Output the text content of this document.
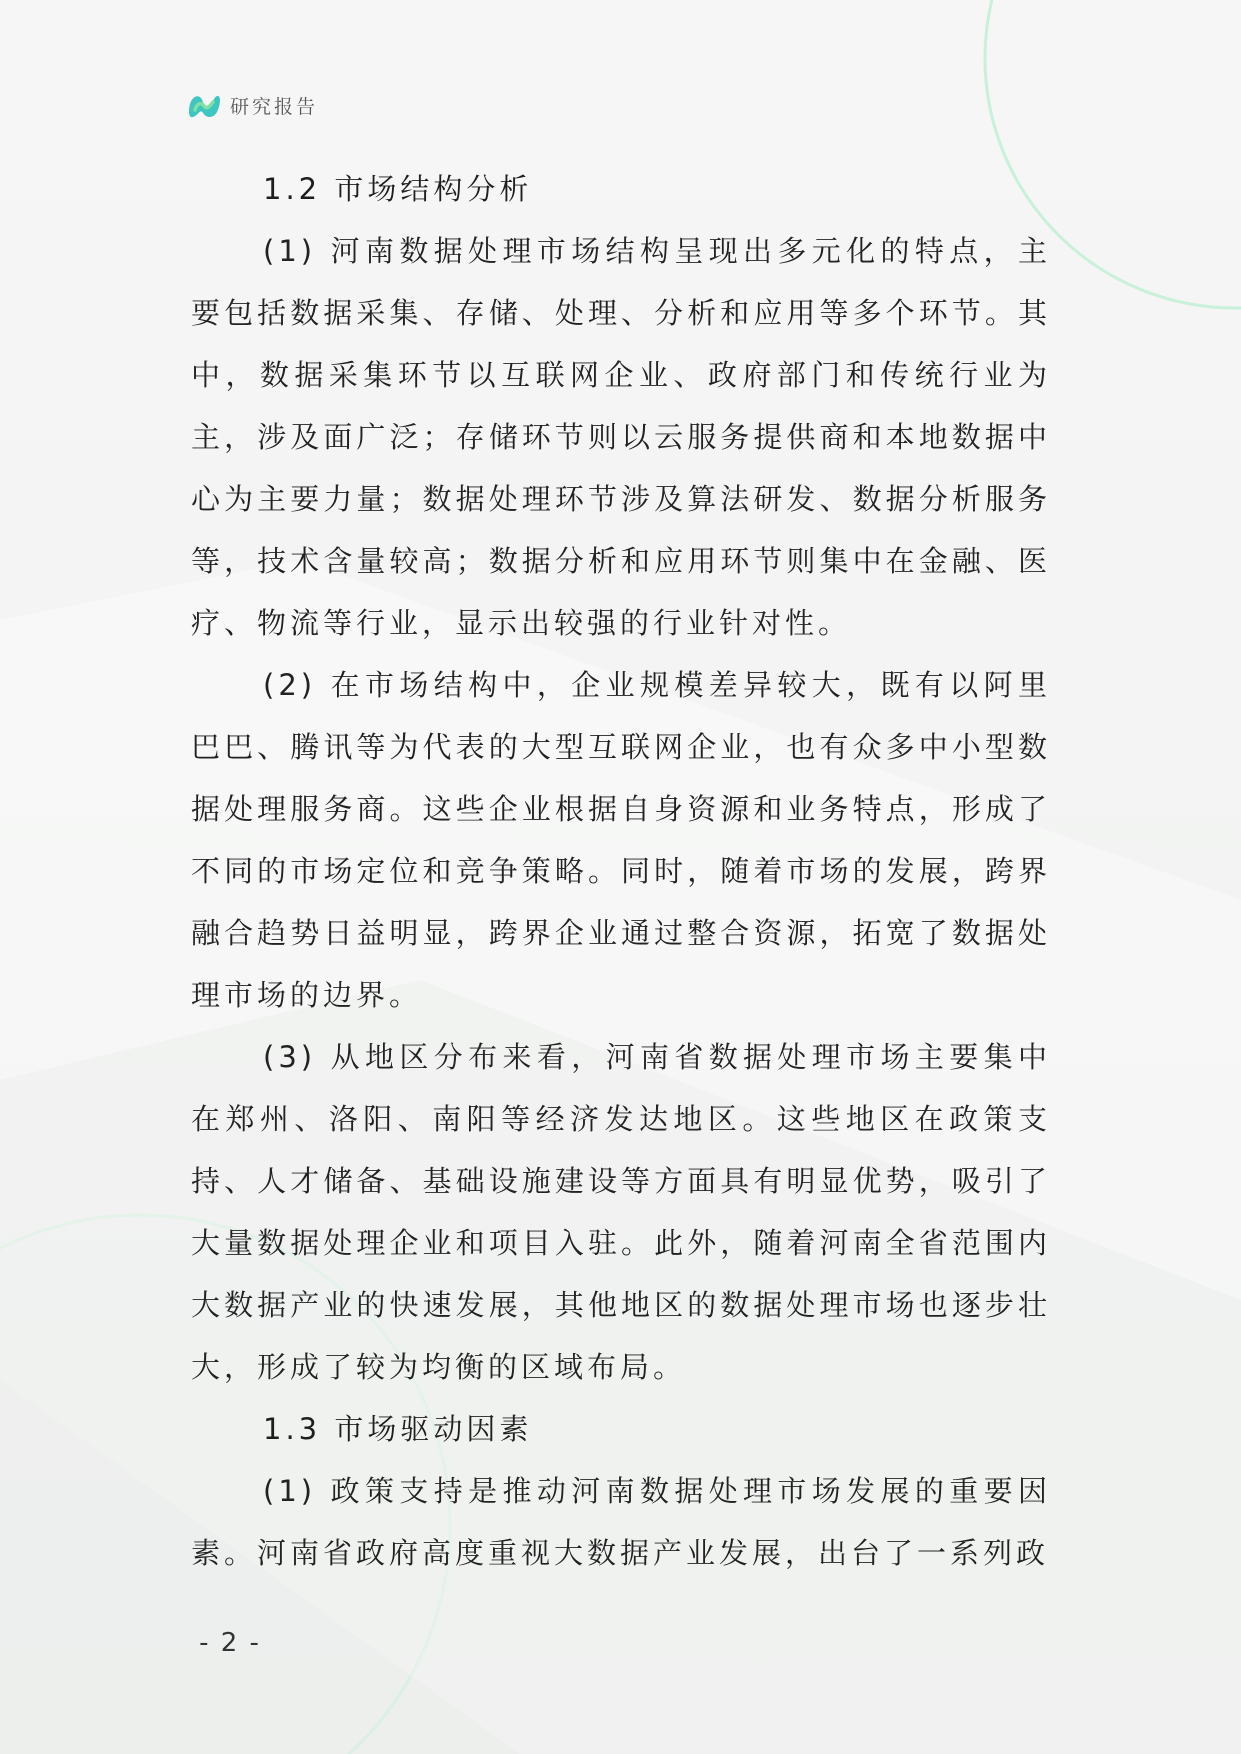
研究报告
1.2 市场结构分析

(1) 河南数据处理市场结构呈现出多元化的特点，主要包括数据采集、存储、处理、分析和应用等多个环节。其中，数据采集环节以互联网企业、政府部门和传统行业为主，涉及面广泛；存储环节则以云服务提供商和本地数据中心为主要力量；数据处理环节涉及算法研发、数据分析服务等，技术含量较高；数据分析和应用环节则集中在金融、医疗、物流等行业，显示出较强的行业针对性。

(2) 在市场结构中，企业规模差异较大，既有以阿里巴巴、腾讯等为代表的大型互联网企业，也有众多中小型数据处理服务商。这些企业根据自身资源和业务特点，形成了不同的市场定位和竞争策略。同时，随着市场的发展，跨界融合趋势日益明显，跨界企业通过整合资源，拓宽了数据处理市场的边界。

(3) 从地区分布来看，河南省数据处理市场主要集中在郑州、洛阳、南阳等经济发达地区。这些地区在政策支持、人才储备、基础设施建设等方面具有明显优势，吸引了大量数据处理企业和项目入驻。此外，随着河南全省范围内大数据产业的快速发展，其他地区的数据处理市场也逐步壮大，形成了较为均衡的区域布局。

1.3 市场驱动因素

(1) 政策支持是推动河南数据处理市场发展的重要因素。河南省政府高度重视大数据产业发展，出台了一系列政

- 2 -
